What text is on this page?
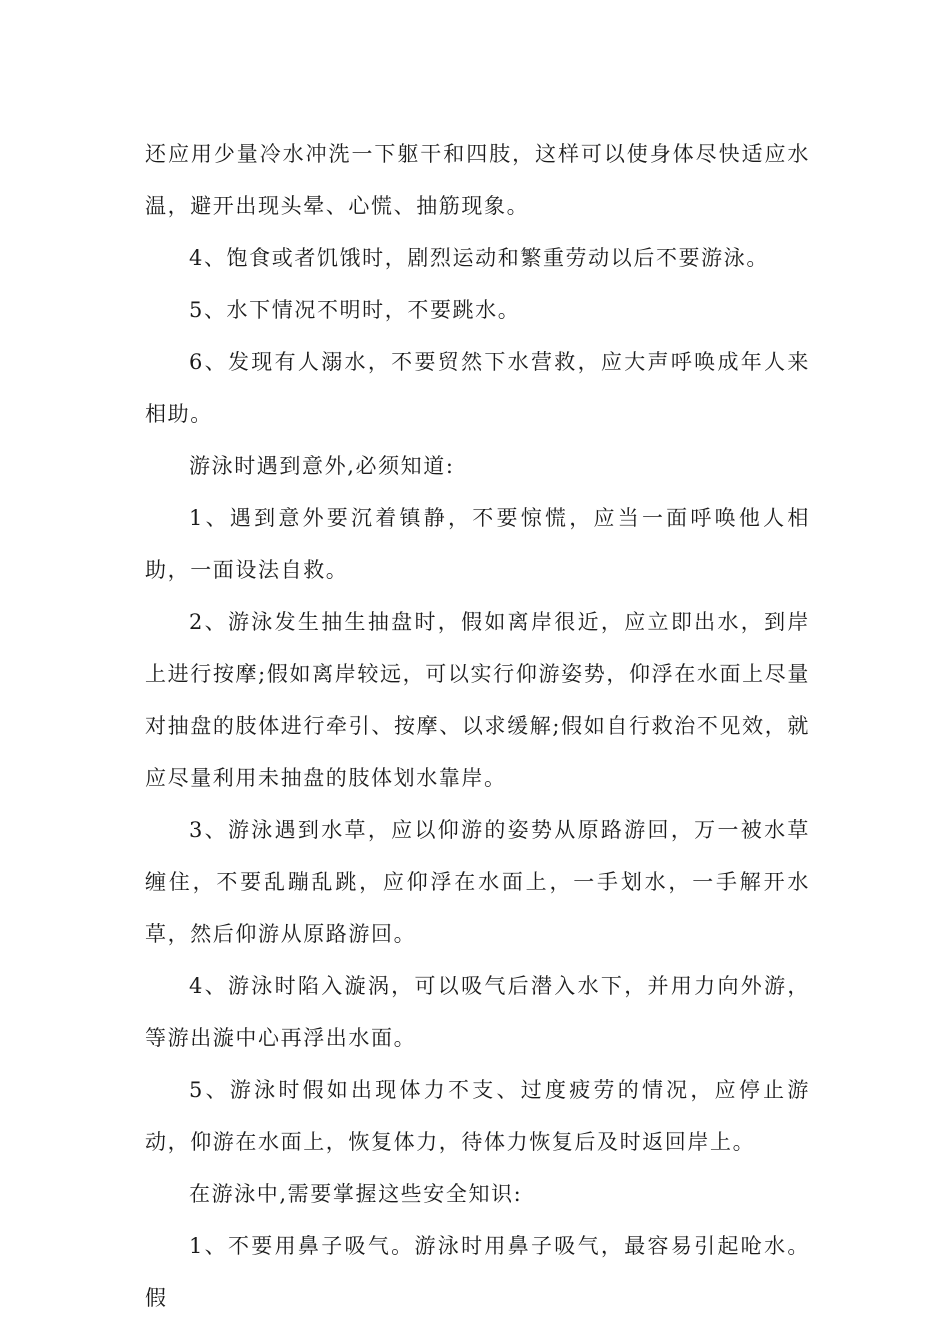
还应用少量冷水冲洗一下躯干和四肢，这样可以使身体尽快适应水温，避开出现头晕、心慌、抽筋现象。

4、饱食或者饥饿时，剧烈运动和繁重劳动以后不要游泳。

5、水下情况不明时，不要跳水。

6、发现有人溺水，不要贸然下水营救，应大声呼唤成年人来相助。

游泳时遇到意外,必须知道:

1、遇到意外要沉着镇静，不要惊慌，应当一面呼唤他人相助，一面设法自救。

2、游泳发生抽生抽盘时，假如离岸很近，应立即出水，到岸上进行按摩;假如离岸较远，可以实行仰游姿势，仰浮在水面上尽量对抽盘的肢体进行牵引、按摩、以求缓解;假如自行救治不见效，就应尽量利用未抽盘的肢体划水靠岸。

3、游泳遇到水草，应以仰游的姿势从原路游回，万一被水草缠住，不要乱蹦乱跳，应仰浮在水面上，一手划水，一手解开水草，然后仰游从原路游回。

4、游泳时陷入漩涡，可以吸气后潜入水下，并用力向外游，等游出漩中心再浮出水面。

5、游泳时假如出现体力不支、过度疲劳的情况，应停止游动，仰游在水面上，恢复体力，待体力恢复后及时返回岸上。

在游泳中,需要掌握这些安全知识:

1、不要用鼻子吸气。游泳时用鼻子吸气，最容易引起呛水。假
